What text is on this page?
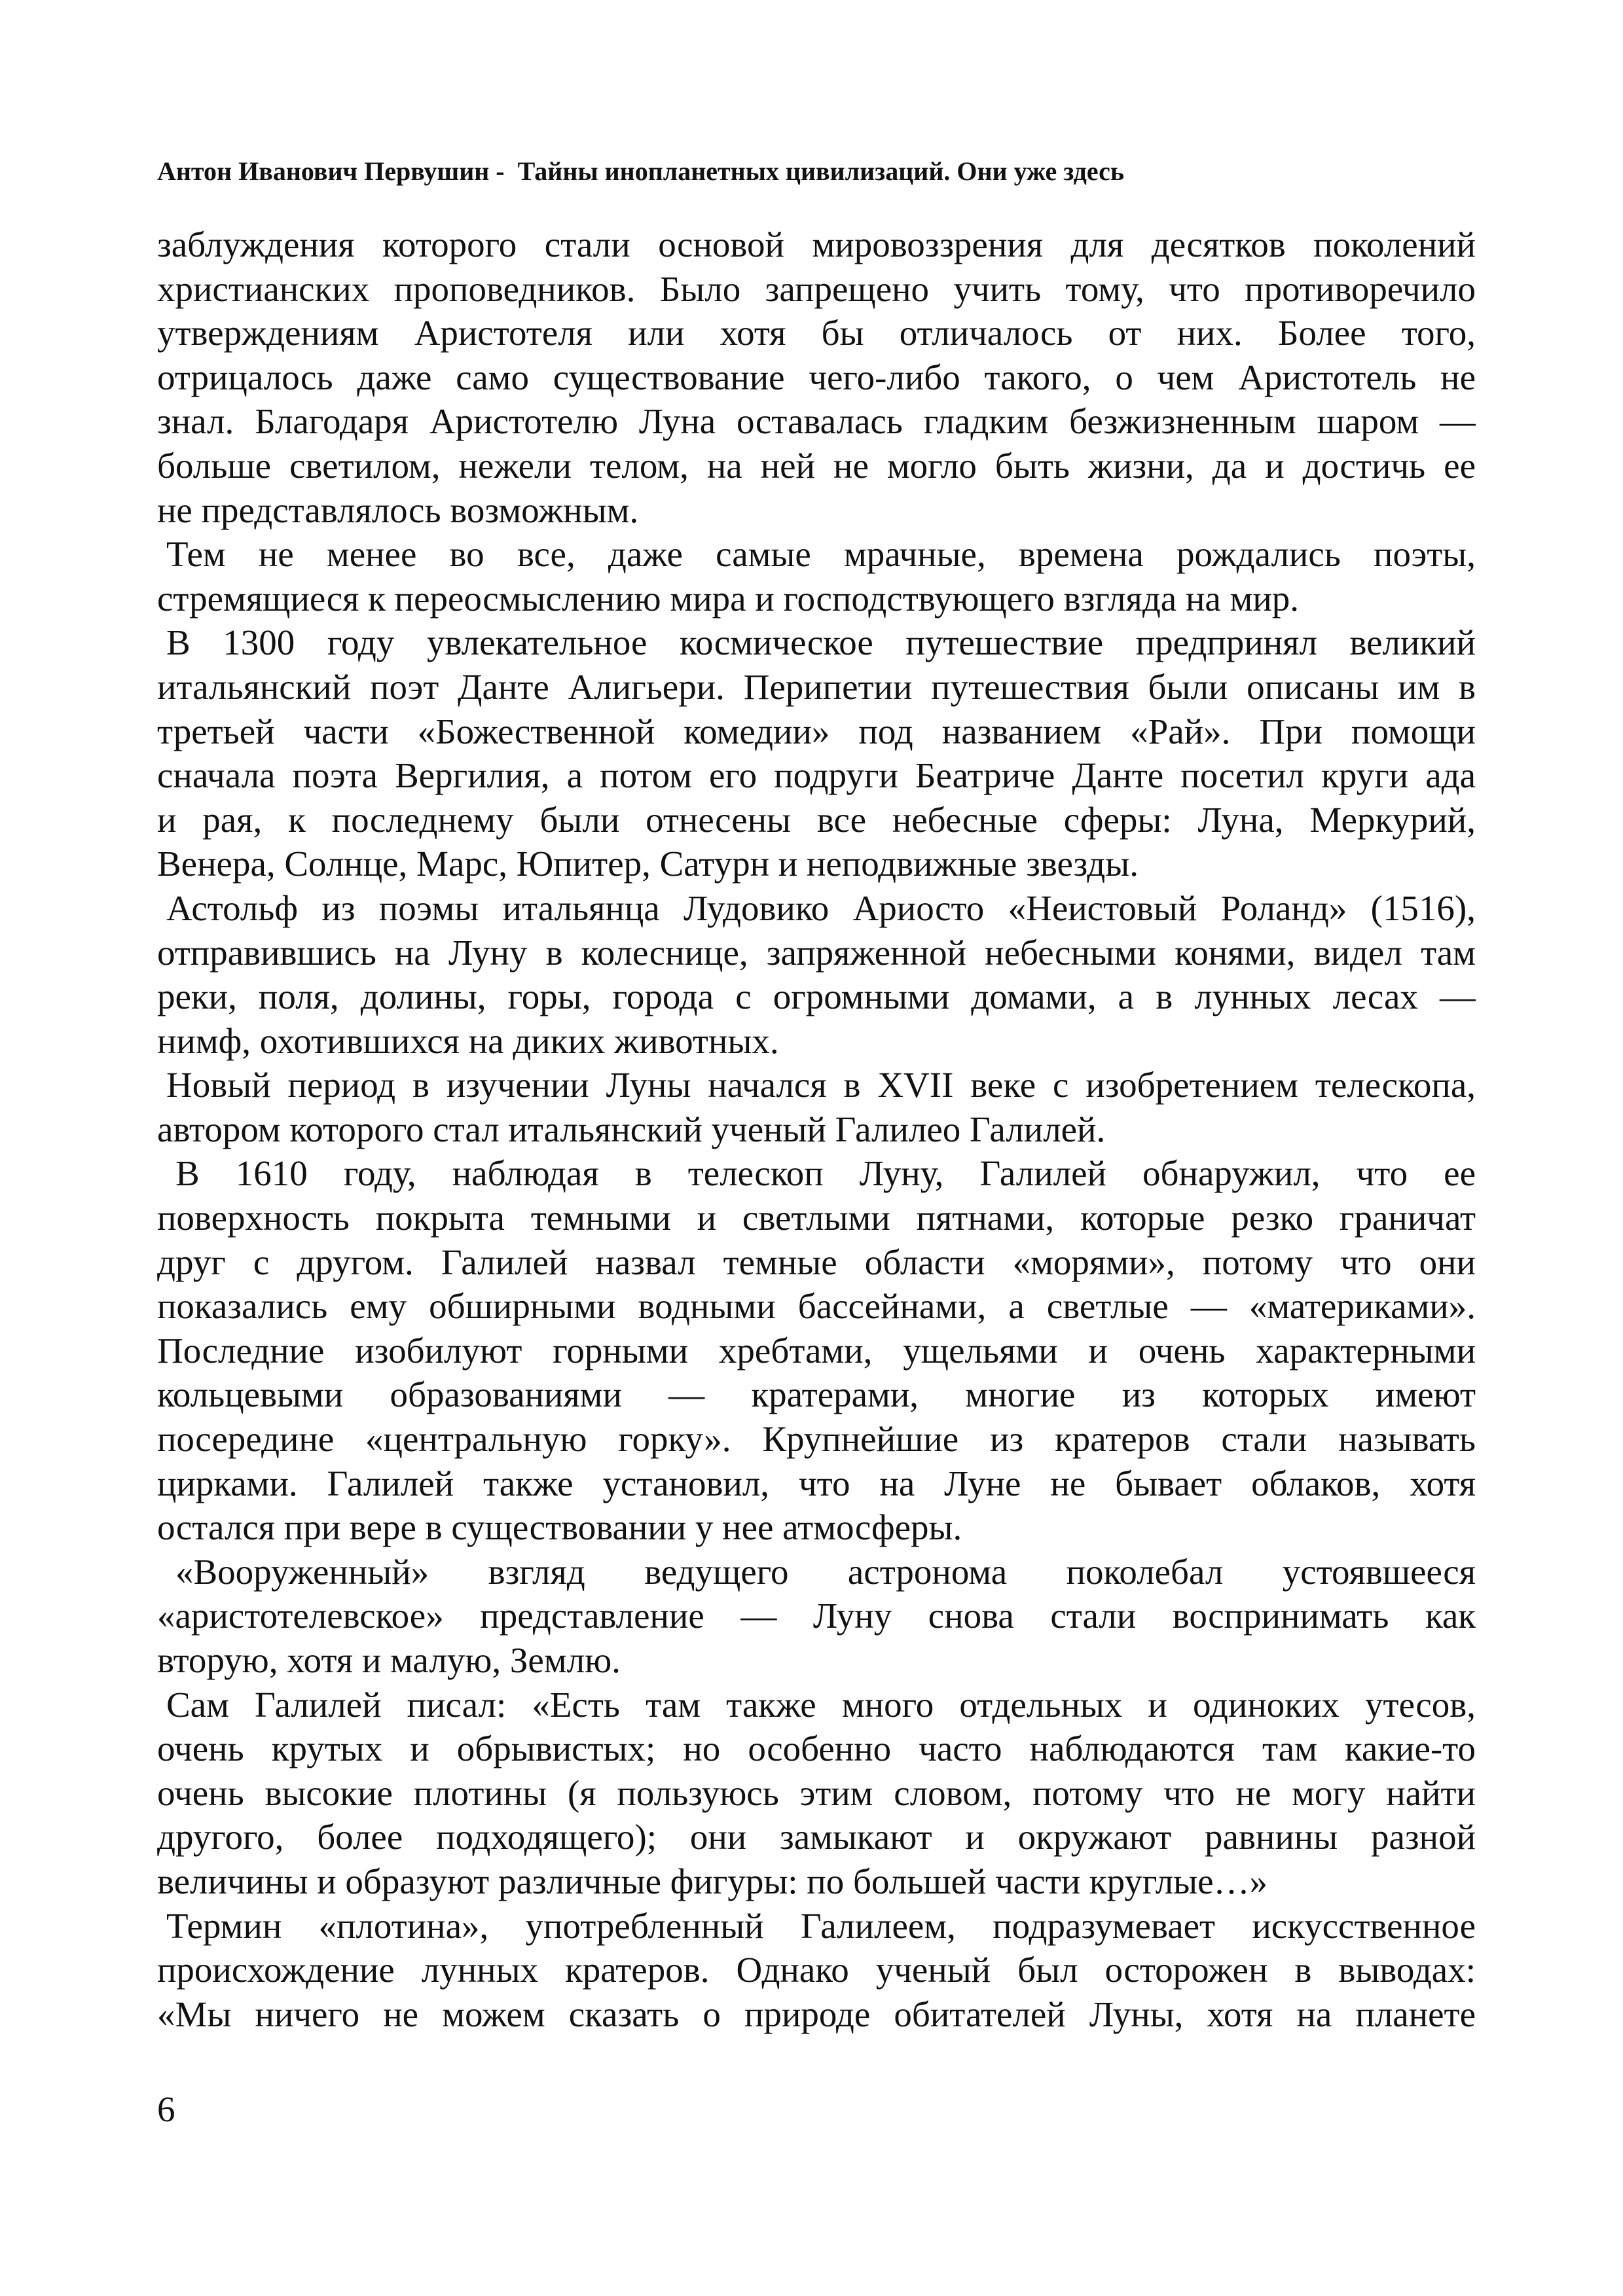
Антон Иванович Первушин -  Тайны инопланетных цивилизаций. Они уже здесь
заблуждения которого стали основой мировоззрения для десятков поколений
христианских проповедников. Было запрещено учить тому, что противоречило
утверждениям Аристотеля или хотя бы отличалось от них. Более того,
отрицалось даже само существование чего-либо такого, о чем Аристотель не
знал. Благодаря Аристотелю Луна оставалась гладким безжизненным шаром —
больше светилом, нежели телом, на ней не могло быть жизни, да и достичь ее
не представлялось возможным.
Тем не менее во все, даже самые мрачные, времена рождались поэты,
стремящиеся к переосмыслению мира и господствующего взгляда на мир.
В 1300 году увлекательное космическое путешествие предпринял великий
итальянский поэт Данте Алигьери. Перипетии путешествия были описаны им в
третьей части «Божественной комедии» под названием «Рай». При помощи
сначала поэта Вергилия, а потом его подруги Беатриче Данте посетил круги ада
и рая, к последнему были отнесены все небесные сферы: Луна, Меркурий,
Венера, Солнце, Марс, Юпитер, Сатурн и неподвижные звезды.
Астольф из поэмы итальянца Лудовико Ариосто «Неистовый Роланд» (1516),
отправившись на Луну в колеснице, запряженной небесными конями, видел там
реки, поля, долины, горы, города с огромными домами, а в лунных лесах —
нимф, охотившихся на диких животных.
Новый период в изучении Луны начался в XVII веке с изобретением телескопа,
автором которого стал итальянский ученый Галилео Галилей.
В 1610 году, наблюдая в телескоп Луну, Галилей обнаружил, что ее
поверхность покрыта темными и светлыми пятнами, которые резко граничат
друг с другом. Галилей назвал темные области «морями», потому что они
показались ему обширными водными бассейнами, а светлые — «материками».
Последние изобилуют горными хребтами, ущельями и очень характерными
кольцевыми образованиями — кратерами, многие из которых имеют
посередине «центральную горку». Крупнейшие из кратеров стали называть
цирками. Галилей также установил, что на Луне не бывает облаков, хотя
остался при вере в существовании у нее атмосферы.
«Вооруженный» взгляд ведущего астронома поколебал устоявшееся
«аристотелевское» представление — Луну снова стали воспринимать как
вторую, хотя и малую, Землю.
Сам Галилей писал: «Есть там также много отдельных и одиноких утесов,
очень крутых и обрывистых; но особенно часто наблюдаются там какие-то
очень высокие плотины (я пользуюсь этим словом, потому что не могу найти
другого, более подходящего); они замыкают и окружают равнины разной
величины и образуют различные фигуры: по большей части круглые…»
Термин «плотина», употребленный Галилеем, подразумевает искусственное
происхождение лунных кратеров. Однако ученый был осторожен в выводах:
«Мы ничего не можем сказать о природе обитателей Луны, хотя на планете
6
